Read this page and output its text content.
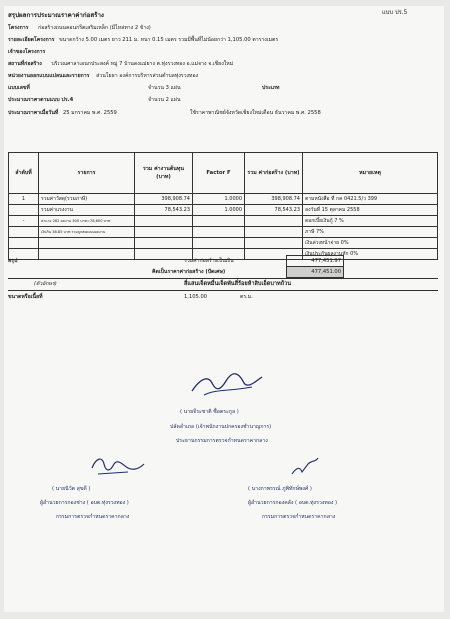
สรุปผลการประมาณราคาค่าก่อสร้าง	แบบ ปร.5
โครงการ ก่อสร้างถนนคอนกรีตเสริมเหล็ก (มีไหล่ทาง 2 ข้าง)
รายละเอียดโครงการ ขนาดกว้าง 5.00 เมตร ยาว 211 ม. หนา 0.15 เมตร รวมมีพื้นที่ไม่น้อยกว่า 1,105.00 ตารางเมตร
เจ้าของโครงการ
สถานที่ก่อสร้าง บริเวณศาลาเอนกประสงค์ หมู่ 7 บ้านดงแม่ยาง ต.ทุ่งรวงทอง อ.แม่จาง จ.เชียงใหม่
หน่วยงานออกแบบแปลนและรายการ ส่วนโยธา องค์การบริหารส่วนตำบลทุ่งรวงทอง
แบบเลขที่	จำนวน 3 แผ่น	ประเภท
ประมาณราคาตามแบบ ปร.4	จำนวน 2 แผ่น
ประมาณราคาเมื่อวันที่ 25 มกราคม พ.ศ. 2559	ใช้ราคาพาณิชย์จังหวัดเชียงใหม่เดือน ธันวาคม พ.ศ. 2558
ลำดับที่	รายการ	รวม ค่างานต้นทุน (บาท)	Factor F	รวม ค่าก่อสร้าง (บาท)	หมายเหตุ
1	รวมค่าวัสดุ(รวมภาษี)	398,908.74	1.0000	398,908.74	ตามหนังสือ ที่ กค 0421.5/ว 399
	รวมค่าแรงงาน	78,543.23	1.0000	78,543.23	ลงวันที่ 15 ตุลาคม 2558
-	ค่าแรง 282 ผลงาน 300 บาท=78,600 บาท				ดอกเบี้ยเงินกู้ 7 %
	เงินกิน 38.85 บาท รวมถูกสยดเบมผลงาน				ภาษี 7%
					เงินล่วงหน้าจ่าย 0%
					เงินประกันผลงานหัก 0%
สรุป	รวมค่าก่อสร้างเป็นเงิน	477,451.97
คิดเป็นราคาค่าก่อสร้าง (ปัดเศษ)	477,451.00
(ตัวอักษร)	สี่แสนเจ็ดหมื่นเจ็ดพันสี่ร้อยห้าสิบเอ็ดบาทถ้วน
ขนาดหรือเนื้อที่	1,105.00	ตร.ม.
( นายจีระชาติ ซื่อตระกูล )
ปลัดอำเภอ (เจ้าพนักงานปกครองชำนาญการ)
ประธานกรรมการตรวจกำหนดราคากลาง
( นายนิวัต สุขดี )
ผู้อำนวยการกองช่าง ( อบต.ทุ่งรวงทอง )
กรรมการตรวจกำหนดราคากลาง
( นางกาพรรณ์ ภูพิทักษ์พงศ์ )
ผู้อำนวยการกองคลัง ( อบต.ทุ่งรวงทอง )
กรรมการตรวจกำหนดราคากลาง
